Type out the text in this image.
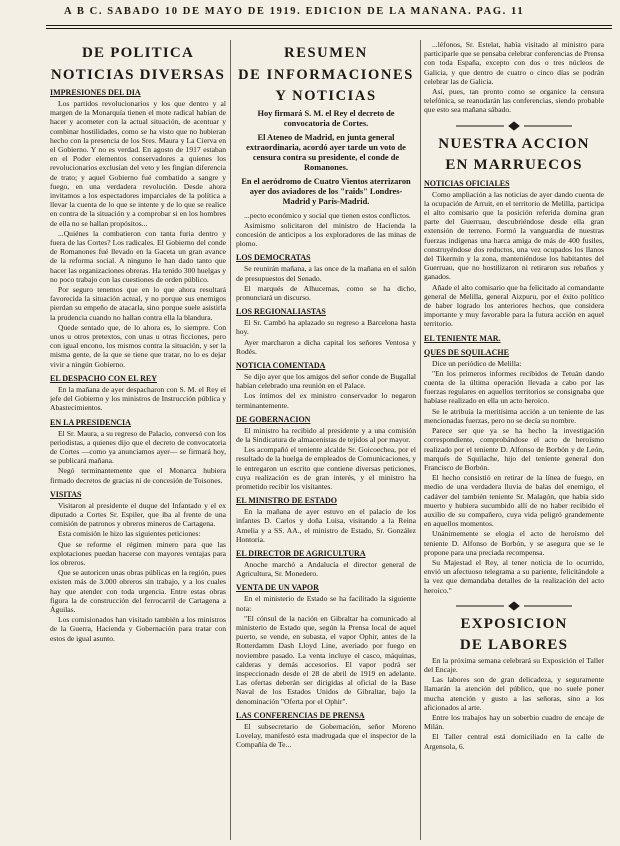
A B C. SABADO 10 DE MAYO DE 1919. EDICION DE LA MAÑANA. PAG. 11
DE POLITICA
NOTICIAS DIVERSAS
IMPRESIONES DEL DIA

Los partidos revolucionarios y los que dentro y al margen de la Monarquía tienen el mote radical habían de hacer y acometer con la actual situación, de acentuar y combinar hostilidades, como se ha visto que no hubieran hecho con la presencia de los Sres. Maura y La Cierva en el Gobierno. Y no es verdad. En agosto de 1917 estaban en el Poder elementos conservadores a quienes los revolucionarios exclusían del veto y les fingían diferencia de trato; y aquel Gobierno fué combatido a sangre y fuego, en una verdadera revolución. Desde ahora invitamos a los espectadores imparciales de la política a llevar la cuenta de lo que se intente y de lo que se realice en contra de la situación y a comprobar si en los hombres de ella no se hallan propósitos...

...Quiénes la combatieron con tanta furia dentro y fuera de las Cortes? Los radicales. El Gobierno del conde de Romanones fué llevado en la Gaceta un gran avance de la reforma social. A ninguno le han dado tanto que hacer las organizaciones obreras. Ha tenido 300 huelgas y no poco trabajo con las cuestiones de orden público.

Por seguro tenemos que en lo que ahora resultará favorecida la situación actual, y no porque sus enemigos pierdan su empeño de atacarla, sino porque suele asistirla la prudencia cuando no hallan contra ella la blandura.

Quede sentado que, de lo ahora es, lo siempre. Con unos u otros pretextos, con unas u otras ficciones, pero con igual encono, los mismos contra la situación, y ser la misma gente, de la que se tiene que tratar, no lo es dejar vivir a ningún Gobierno.

EL DESPACHO CON EL REY

En la mañana de ayer despacharon con S. M. el Rey el jefe del Gobierno y los ministros de Instrucción pública y Abastecimientos.

EN LA PRESIDENCIA

El Sr. Maura, a su regreso de Palacio, conversó con los periodistas, a quienes dijo que el decreto de convocatoria de Cortes —como ya anunciamos ayer— se firmará hoy, se publicará mañana.

Negó terminantemente que el Monarca hubiera firmado decretos de gracias ni de concesión de Toisones.

VISITAS

Visitaron al presidente el duque del Infantado y el ex diputado a Cortes Sr. Espiler, que iba al frente de una comisión de patronos y obreros mineros de Cartagena.

Esta comisión le hizo las siguientes peticiones:

Que se reforme el régimen minero para que las explotaciones puedan hacerse con mayores ventajas para los obreros.

Que se autoricen unas obras públicas en la región, pues existen más de 3.000 obreros sin trabajo, y a los cuales hay que atender con toda urgencia. Entre estas obras figura la de construcción del ferrocarril de Cartagena a Águilas.

Los comisionados han visitado también a los ministros de la Guerra, Hacienda y Gobernación para tratar con estos de igual asunto.

RESUMEN
DE INFORMACIONES
Y NOTICIAS
Hoy firmará S. M. el Rey el decreto de convocatoria de Cortes.
El Ateneo de Madrid, en junta general extraordinaria, acordó ayer tarde un voto de censura contra su presidente, el conde de Romanones.
En el aeródromo de Cuatro Vientos aterrizaron ayer dos aviadores de los "raids" Londres-Madrid y París-Madrid.

...pecto económico y social que tienen estos conflictos.

Asimismo solicitaron del ministro de Hacienda la concesión de anticipos a los exploradores de las minas de plomo.

LOS DEMOCRATAS

Se reunirán mañana, a las once de la mañana en el salón de presupuestos del Senado.

El marqués de Alhucemas, como se ha dicho, pronunciará un discurso.

LOS REGIONALIASTAS

El Sr. Cambó ha aplazado su regreso a Barcelona hasta hoy.

Ayer marcharon a dicha capital los señores Ventosa y Rodés.

NOTICIA COMENTADA

Se dijo ayer que los amigos del señor conde de Bugallal habían celebrado una reunión en el Palace.

Los íntimos del ex ministro conservador lo negaron terminantemente.

DE GOBERNACION

El ministro ha recibido al presidente y a una comisión de la Sindicatura de almacenistas de tejidos al por mayor.

Les acompañó el teniente alcalde Sr. Goicoechea, por el resultado de la huelga de empleados de Comunicaciones, y le entregaron un escrito que contiene diversas peticiones, cuya realización es de gran interés, y el ministro ha prometido recibir los visitantes.

EL MINISTRO DE ESTADO

En la mañana de ayer estuvo en el palacio de los infantes D. Carlos y doña Luisa, visitando a la Reina Amelia y a SS. AA., el ministro de Estado, Sr. González Hontoria.

EL DIRECTOR DE AGRICULTURA

Anoche marchó a Andalucía el director general de Agricultura, Sr. Monedero.

VENTA DE UN VAPOR

En el ministerio de Estado se ha facilitado la siguiente nota:

"El cónsul de la nación en Gibraltar ha comunicado al ministerio de Estado que, según la Prensa local de aquel puerto, se vende, en subasta, el vapor Ophir, antes de la Rotterdamm Dash Lloyd Line, averiado por fuego en noviembre pasado. La venta incluye el casco, máquinas, calderas y demás accesorios. El vapor podrá ser inspeccionado desde el 28 de abril de 1919 en adelante. Las ofertas deberán ser dirigidas al oficial de la Base Naval de los Estados Unidos de Gibraltar, bajo la denominación "Oferta por el Ophir".

LAS CONFERENCIAS DE PRENSA

El subsecretario de Gobernación, señor Moreno Lovelay, manifestó esta madrugada que el inspector de la Compañía de Te...

...léfonos, Sr. Estelat, había visitado al ministro para participarle que se pensaba celebrar conferencias de Prensa con toda España, excepto con dos o tres núcleos de Galicia, y que dentro de cuatro o cinco días se podrán celebrar las de Galicia.

Así, pues, tan pronto como se organice la censura telefónica, se reanudarán las conferencias, siendo probable que esto sea mañana sábado.

NUESTRA ACCION
EN MARRUECOS
NOTICIAS OFICIALES

Como ampliación a las noticias de ayer dando cuenta de la ocupación de Arruit, en el territorio de Melilla, participa el alto comisario que la posición referida domina gran parte del Guerruau, descubriéndose desde ella gran extensión de terreno. Formó la vanguardia de nuestras fuerzas indígenas una harca amiga de más de 400 fusiles, construyéndose dos reductos, una vez ocupados los llanos del Tikermín y la zona, manteniéndose los habitantes del Guerruau, que no hostilizaron ni retiraron sus rebaños y ganados.

Añade el alto comisario que ha felicitado al comandante general de Melilla, general Aizpuru, por el éxito político de haber logrado los anteriores hechos, que considera importante y muy favorable para la futura acción en aquel territorio.

EL TENIENTE MAR.
QUES DE SQUILACHE

Dice un periódico de Melilla:

"En los primeros informes recibidos de Tetuán dando cuenta de la última operación llevada a cabo por las fuerzas regulares en aquellos territorios se consignaba que habíase realizado en ella un acto heroico.

Se le atribuía la meritísima acción a un teniente de las mencionadas fuerzas, pero no se decía su nombre.

Parece ser que ya se ha hecho la investigación correspondiente, comprobándose el acto de heroísmo realizado por el teniente D. Alfonso de Borbón y de León, marqués de Squilache, hijo del teniente general don Francisco de Borbón.

El hecho consistió en retirar de la línea de fuego, en medio de una verdadera lluvia de balas del enemigo, el cadáver del también teniente Sr. Malagón, que había sido muerto y hubiera sucumbido allí de no haber recibido el auxilio de su compañero, cuya vida peligró grandemente en aquellos momentos.

Unánimemente se elogia el acto de heroísmo del teniente D. Alfonso de Borbón, y se asegura que se le propone para una preciada recompensa.

Su Majestad el Rey, al tener noticia de lo ocurrido, envió un afectuoso telegrama a su pariente, felicitándole a la vez que demandaba detalles de la realización del acto heroico."

EXPOSICION
DE LABORES

En la próxima semana celebrará su Exposición el Taller del Encaje.

Las labores son de gran delicadeza, y seguramente llamarán la atención del público, que no suele poner mucha atención y gusto a las señoras, sino a los aficionados al arte.

Entre los trabajos hay un soberbio cuadro de encaje de Milán.

El Taller central está domiciliado en la calle de Argensola, 6.
